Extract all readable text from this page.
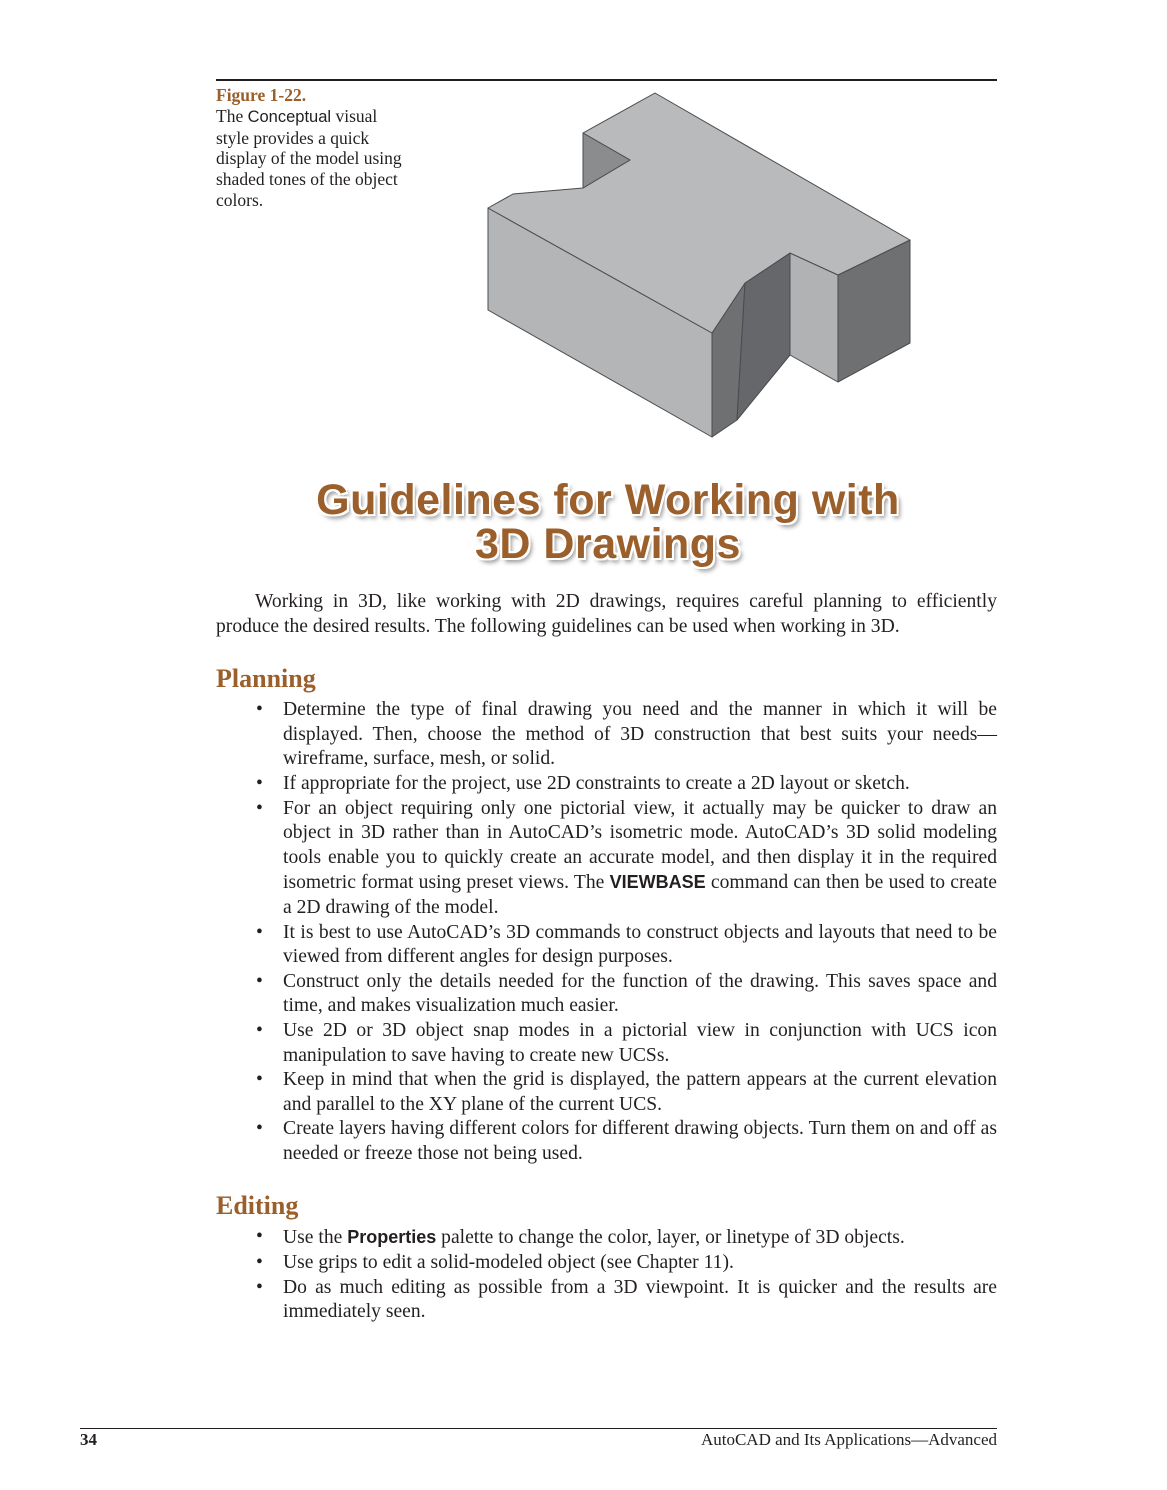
Figure 1-22.
The Conceptual visual style provides a quick display of the model using shaded tones of the object colors.
Guidelines for Working with
3D Drawings

Working in 3D, like working with 2D drawings, requires careful planning to efficiently produce the desired results. The following guidelines can be used when working in 3D.

Planning
• Determine the type of final drawing you need and the manner in which it will be displayed. Then, choose the method of 3D construction that best suits your needs—wireframe, surface, mesh, or solid.
• If appropriate for the project, use 2D constraints to create a 2D layout or sketch.
• For an object requiring only one pictorial view, it actually may be quicker to draw an object in 3D rather than in AutoCAD’s isometric mode. AutoCAD’s 3D solid modeling tools enable you to quickly create an accurate model, and then display it in the required isometric format using preset views. The VIEWBASE command can then be used to create a 2D drawing of the model.
• It is best to use AutoCAD’s 3D commands to construct objects and layouts that need to be viewed from different angles for design purposes.
• Construct only the details needed for the function of the drawing. This saves space and time, and makes visualization much easier.
• Use 2D or 3D object snap modes in a pictorial view in conjunction with UCS icon manipulation to save having to create new UCSs.
• Keep in mind that when the grid is displayed, the pattern appears at the current elevation and parallel to the XY plane of the current UCS.
• Create layers having different colors for different drawing objects. Turn them on and off as needed or freeze those not being used.
Editing
• Use the Properties palette to change the color, layer, or linetype of 3D objects.
• Use grips to edit a solid-modeled object (see Chapter 11).
• Do as much editing as possible from a 3D viewpoint. It is quicker and the results are immediately seen.
34	AutoCAD and Its Applications—Advanced
